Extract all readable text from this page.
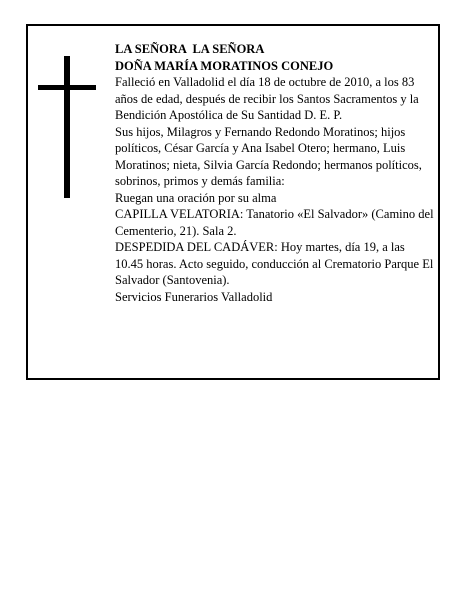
LA SEÑORA  LA SEÑORA
DOÑA MARÍA MORATINOS CONEJO
Falleció en Valladolid el día 18 de octubre de 2010, a los 83 años de edad, después de recibir los Santos Sacramentos y la Bendición Apostólica de Su Santidad D. E. P.
Sus hijos, Milagros y Fernando Redondo Moratinos; hijos políticos, César García y Ana Isabel Otero; hermano, Luis Moratinos; nieta, Silvia García Redondo; hermanos políticos, sobrinos, primos y demás familia:
Ruegan una oración por su alma
CAPILLA VELATORIA: Tanatorio «El Salvador» (Camino del Cementerio, 21). Sala 2.
DESPEDIDA DEL CADÁVER: Hoy martes, día 19, a las 10.45 horas. Acto seguido, conducción al Crematorio Parque El Salvador (Santovenia).
Servicios Funerarios Valladolid
